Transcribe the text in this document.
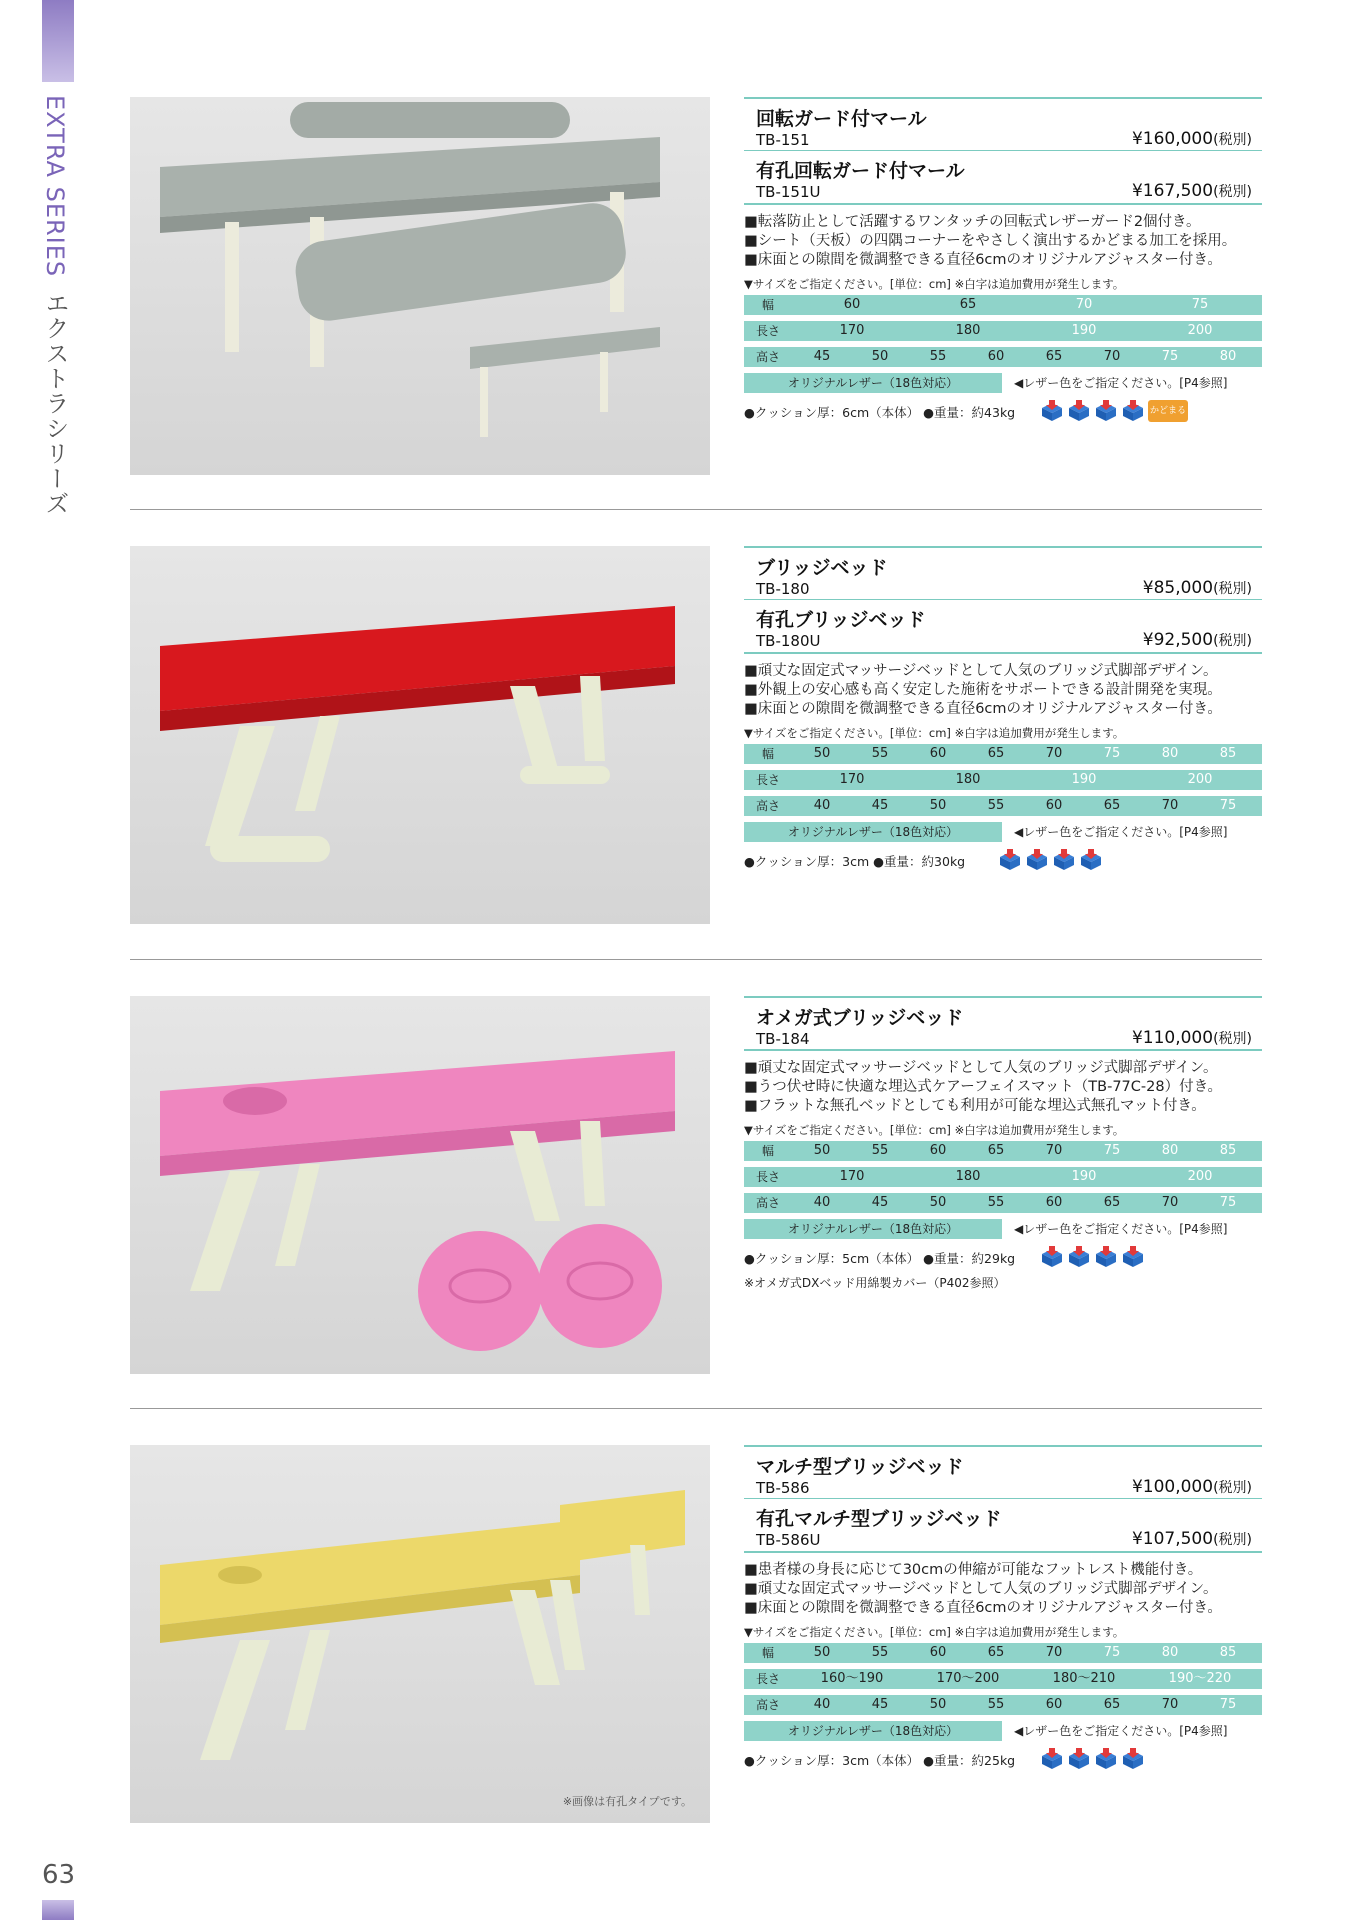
EXTRA SERIESエクストラシリーズ
63
回転ガード付マール
TB-151	¥160,000(税別)
有孔回転ガード付マール
TB-151U	¥167,500(税別)
■転落防止として活躍するワンタッチの回転式レザーガード2個付き。
■シート（天板）の四隅コーナーをやさしく演出するかどまる加工を採用。
■床面との隙間を微調整できる直径6cmのオリジナルアジャスター付き。
▼サイズをご指定ください。[単位：cm] ※白字は追加費用が発生します。
幅	60	65	70	75
長さ	170	180	190	200
高さ	45	50	55	60	65	70	75	80
オリジナルレザー（18色対応）	◀レザー色をご指定ください。[P4参照]
●クッション厚：6cm（本体） ●重量：約43kg	かどまる
ブリッジベッド
TB-180	¥85,000(税別)
有孔ブリッジベッド
TB-180U	¥92,500(税別)
■頑丈な固定式マッサージベッドとして人気のブリッジ式脚部デザイン。
■外観上の安心感も高く安定した施術をサポートできる設計開発を実現。
■床面との隙間を微調整できる直径6cmのオリジナルアジャスター付き。
▼サイズをご指定ください。[単位：cm] ※白字は追加費用が発生します。
幅	50	55	60	65	70	75	80	85
長さ	170	180	190	200
高さ	40	45	50	55	60	65	70	75
オリジナルレザー（18色対応）	◀レザー色をご指定ください。[P4参照]
●クッション厚：3cm ●重量：約30kg
オメガ式ブリッジベッド
TB-184	¥110,000(税別)
■頑丈な固定式マッサージベッドとして人気のブリッジ式脚部デザイン。
■うつ伏せ時に快適な埋込式ケアーフェイスマット（TB-77C-28）付き。
■フラットな無孔ベッドとしても利用が可能な埋込式無孔マット付き。
▼サイズをご指定ください。[単位：cm] ※白字は追加費用が発生します。
幅	50	55	60	65	70	75	80	85
長さ	170	180	190	200
高さ	40	45	50	55	60	65	70	75
オリジナルレザー（18色対応）	◀レザー色をご指定ください。[P4参照]
●クッション厚：5cm（本体） ●重量：約29kg
※オメガ式DXベッド用綿製カバー（P402参照）
※画像は有孔タイプです。
マルチ型ブリッジベッド
TB-586	¥100,000(税別)
有孔マルチ型ブリッジベッド
TB-586U	¥107,500(税別)
■患者様の身長に応じて30cmの伸縮が可能なフットレスト機能付き。
■頑丈な固定式マッサージベッドとして人気のブリッジ式脚部デザイン。
■床面との隙間を微調整できる直径6cmのオリジナルアジャスター付き。
▼サイズをご指定ください。[単位：cm] ※白字は追加費用が発生します。
幅	50	55	60	65	70	75	80	85
長さ	160〜190	170〜200	180〜210	190〜220
高さ	40	45	50	55	60	65	70	75
オリジナルレザー（18色対応）	◀レザー色をご指定ください。[P4参照]
●クッション厚：3cm（本体） ●重量：約25kg
